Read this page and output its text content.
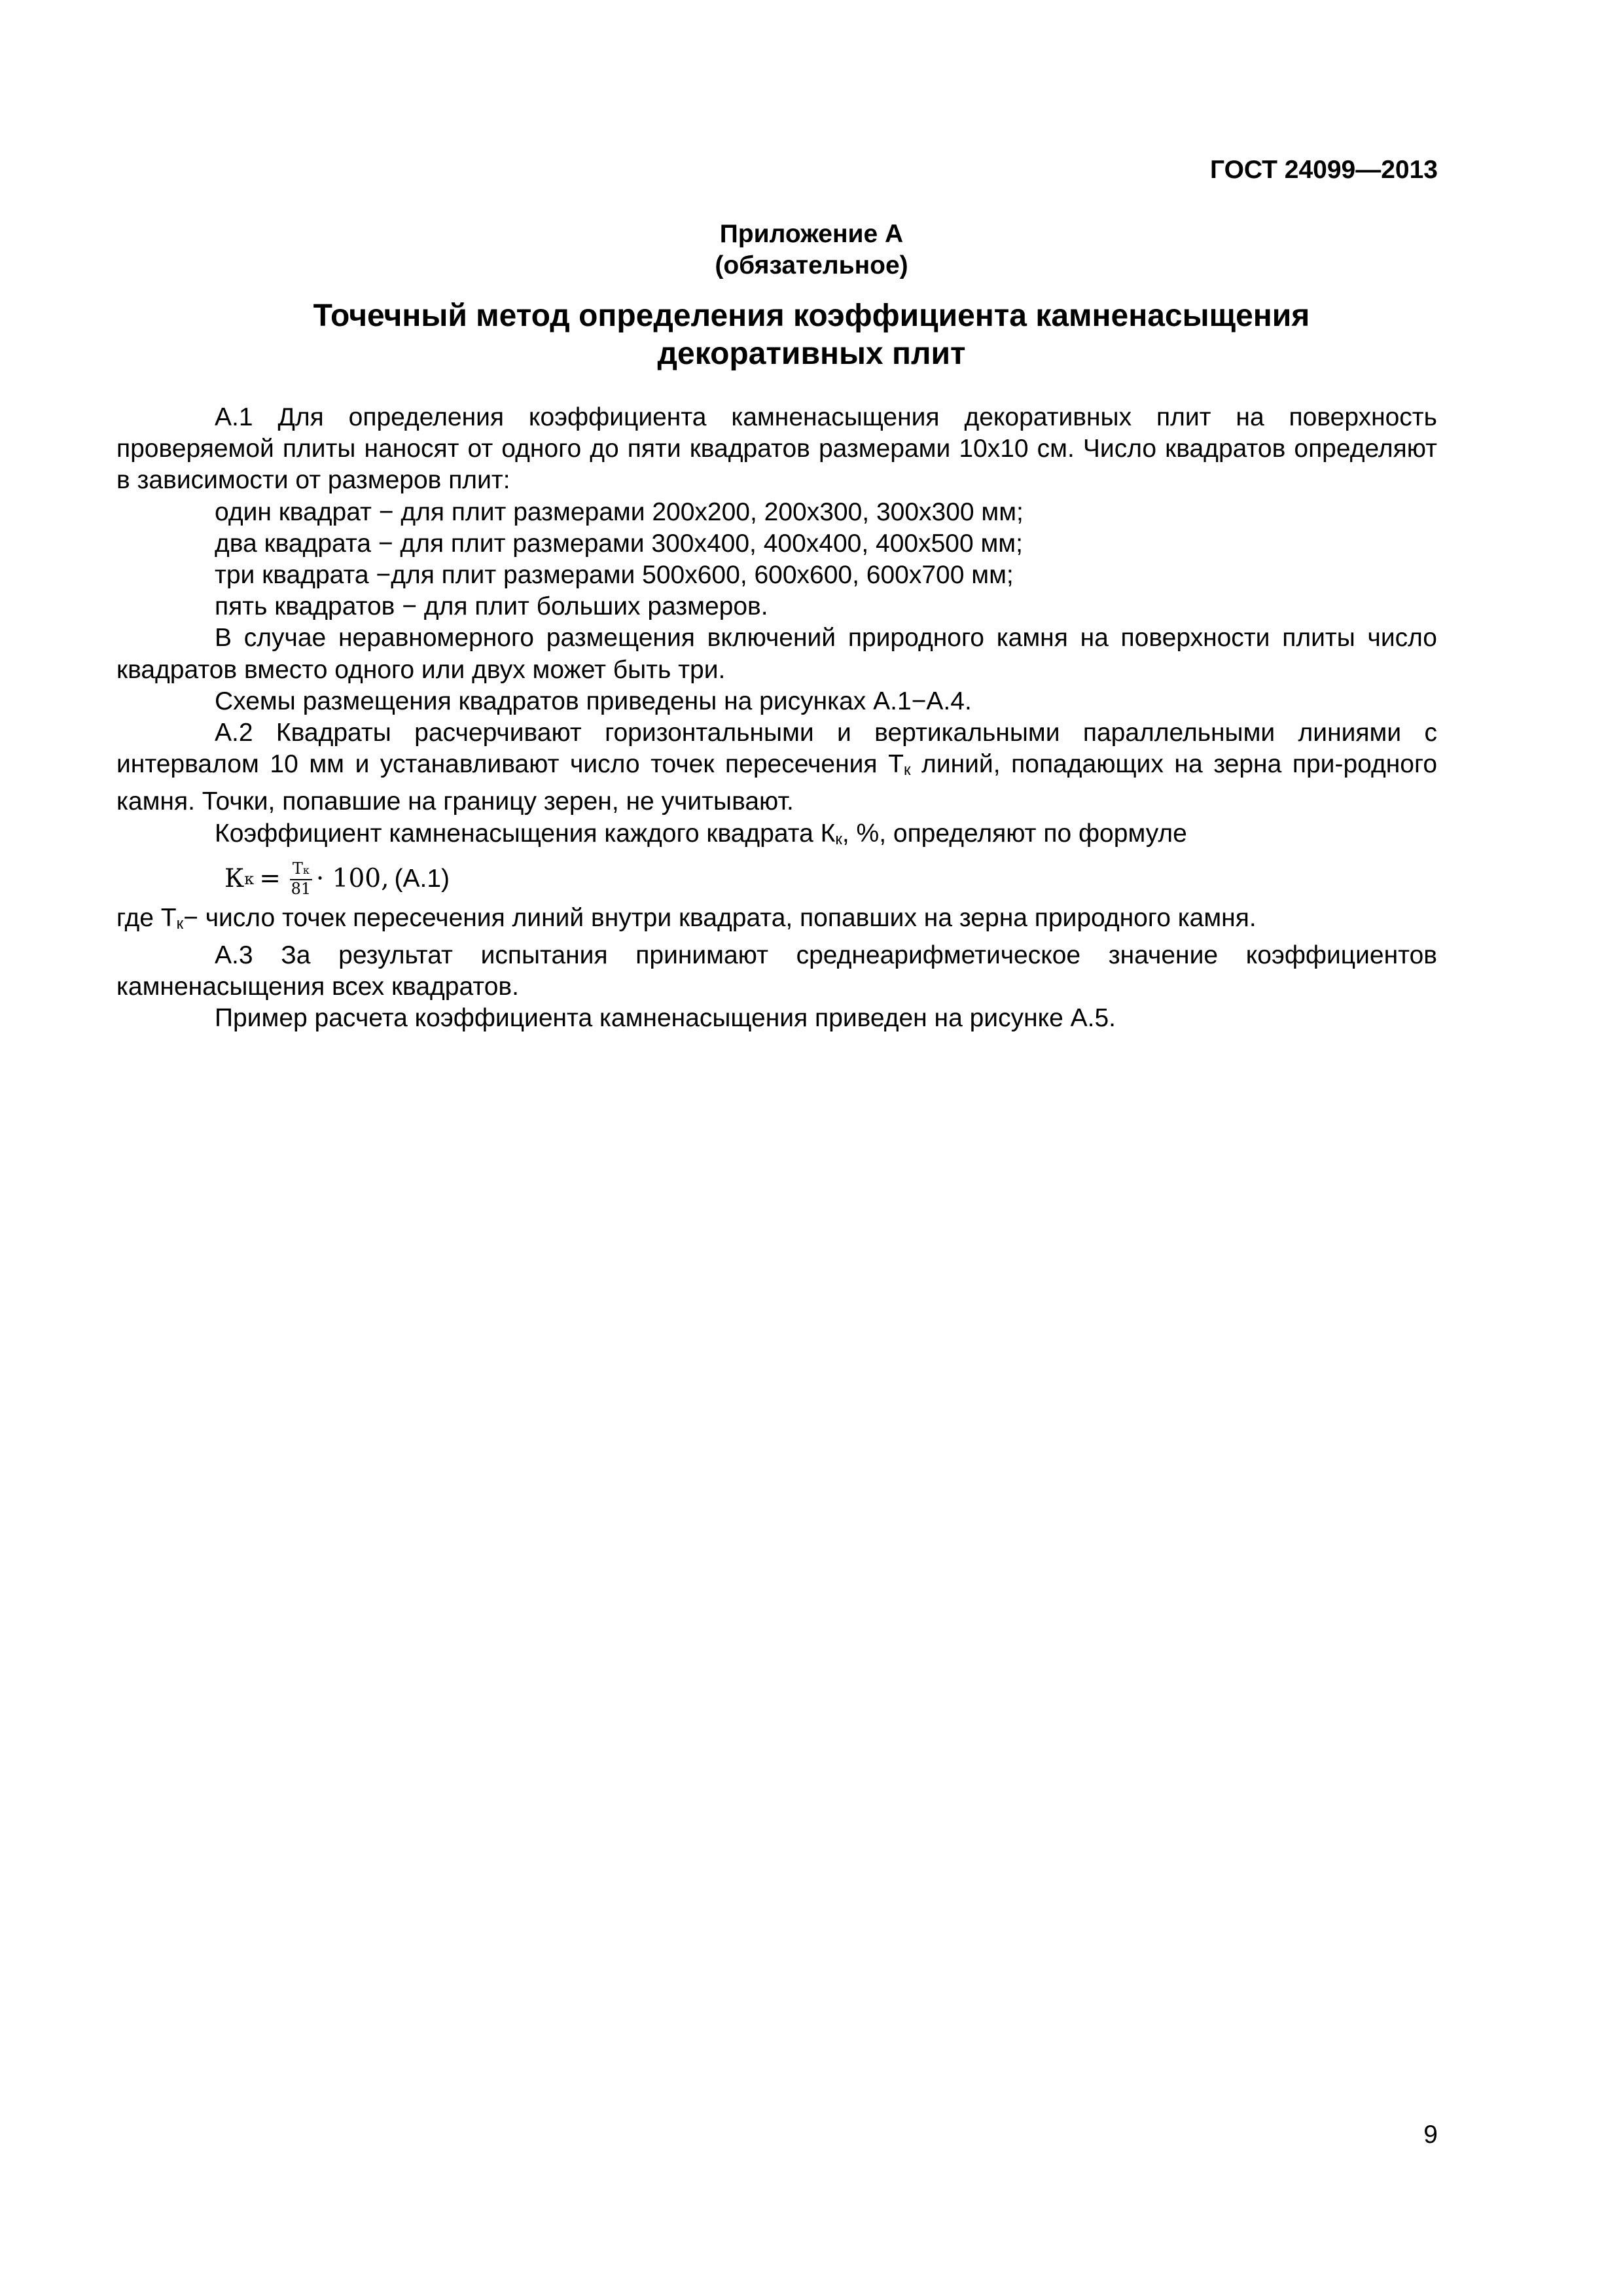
ГОСТ 24099—2013
Приложение А
(обязательное)
Точечный метод определения коэффициента камненасыщения
декоративных плит

А.1 Для определения коэффициента камненасыщения декоративных плит на поверхность проверяемой плиты наносят от одного до пяти квадратов размерами 10х10 см. Число квадратов определяют в зависимости от размеров плит:

один квадрат − для плит размерами 200х200, 200х300, 300х300 мм;

два квадрата − для плит размерами 300х400, 400х400, 400х500 мм;

три квадрата −для плит размерами 500х600, 600х600, 600х700 мм;

пять квадратов − для плит больших размеров.

В случае неравномерного размещения включений природного камня на поверхности плиты число квадратов вместо одного или двух может быть три.

Схемы размещения квадратов приведены на рисунках А.1−А.4.

А.2 Квадраты расчерчивают горизонтальными и вертикальными параллельными линиями с интервалом 10 мм и устанавливают число точек пересечения Тк линий, попадающих на зерна при-родного камня. Точки, попавшие на границу зерен, не учитывают.

Коэффициент камненасыщения каждого квадрата Кк, %, определяют по формуле

К $к = \frac{Тк}{81} \cdot 100$, (А.1)

где Тк− число точек пересечения линий внутри квадрата, попавших на зерна природного камня.

А.3 За результат испытания принимают среднеарифметическое значение коэффициентов камненасыщения всех квадратов.

Пример расчета коэффициента камненасыщения приведен на рисунке А.5.

9
